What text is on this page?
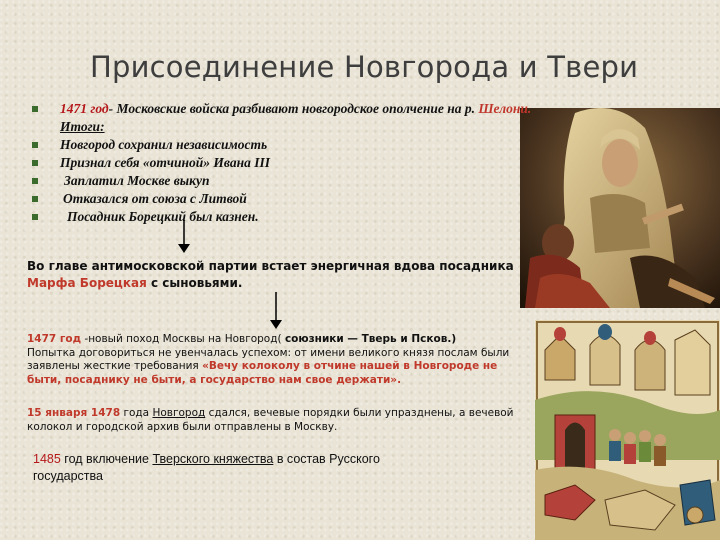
Присоединение Новгорода и Твери
1471 год- Московские войска разбивают новгородское ополчение на р. Шелони.
Итоги:
Новгород сохранил независимость
Признал себя «отчиной» Ивана III
Заплатил Москве выкуп
Отказался от союза с Литвой
Посадник Борецкий был казнен.
Во главе антимосковской партии встает энергичная вдова посадника
Марфа Борецкая с сыновьями.
1477 год -новый поход Москвы на Новгород( союзники — Тверь и Псков.)
Попытка договориться не увенчалась успехом: от имени великого князя послам были заявлены жесткие требования «Вечу колоколу в отчине нашей в Новгороде не быти, посаднику не быти, а государство нам свое держати».
15 января 1478 года Новгород сдался, вечевые порядки были упразднены, а вечевой колокол и городской архив были отправлены в Москву.
1485 год включение Тверского княжества в состав Русского государства
